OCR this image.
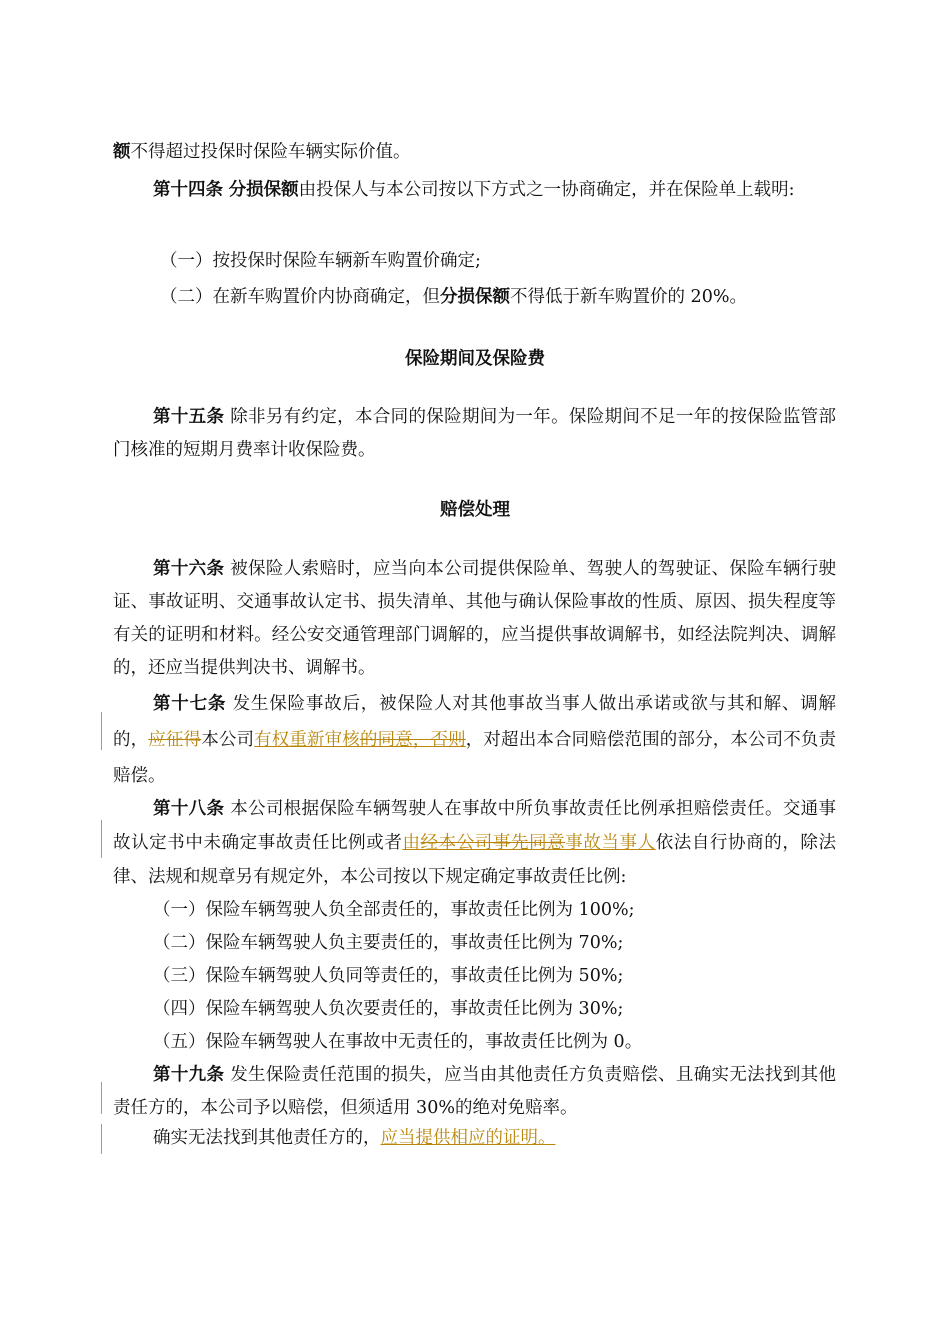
额不得超过投保时保险车辆实际价值。

第十四条 分损保额由投保人与本公司按以下方式之一协商确定，并在保险单上载明:

（一）按投保时保险车辆新车购置价确定;

（二）在新车购置价内协商确定，但分损保额不得低于新车购置价的 20%。

保险期间及保险费

第十五条 除非另有约定，本合同的保险期间为一年。保险期间不足一年的按保险监管部门核准的短期月费率计收保险费。

赔偿处理

第十六条 被保险人索赔时，应当向本公司提供保险单、驾驶人的驾驶证、保险车辆行驶证、事故证明、交通事故认定书、损失清单、其他与确认保险事故的性质、原因、损失程度等有关的证明和材料。经公安交通管理部门调解的，应当提供事故调解书，如经法院判决、调解的，还应当提供判决书、调解书。

第十七条 发生保险事故后，被保险人对其他事故当事人做出承诺或欲与其和解、调解的，应征得本公司有权重新审核的同意，否则，对超出本合同赔偿范围的部分，本公司不负责赔偿。

第十八条 本公司根据保险车辆驾驶人在事故中所负事故责任比例承担赔偿责任。交通事故认定书中未确定事故责任比例或者由经本公司事先同意事故当事人依法自行协商的，除法律、法规和规章另有规定外，本公司按以下规定确定事故责任比例:

（一）保险车辆驾驶人负全部责任的，事故责任比例为 100%;

（二）保险车辆驾驶人负主要责任的，事故责任比例为 70%;

（三）保险车辆驾驶人负同等责任的，事故责任比例为 50%;

（四）保险车辆驾驶人负次要责任的，事故责任比例为 30%;

（五）保险车辆驾驶人在事故中无责任的，事故责任比例为 0。

第十九条 发生保险责任范围的损失，应当由其他责任方负责赔偿、且确实无法找到其他责任方的，本公司予以赔偿，但须适用 30%的绝对免赔率。

确实无法找到其他责任方的，应当提供相应的证明。
